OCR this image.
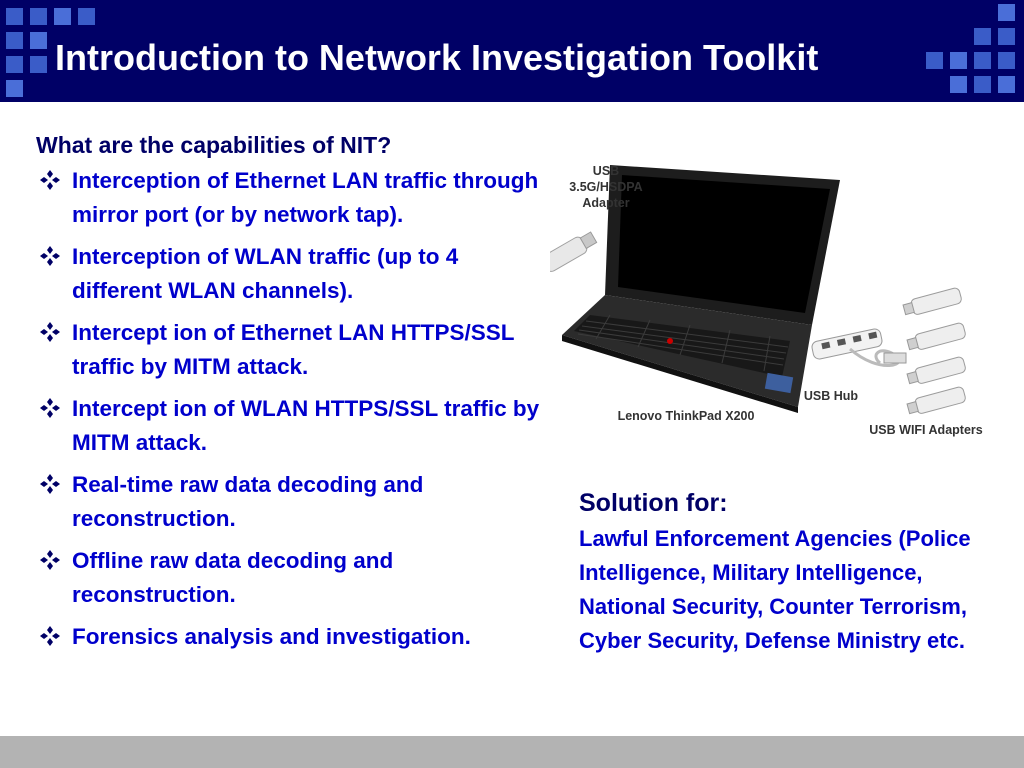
Introduction to Network Investigation Toolkit
What are the capabilities of NIT?
Interception of Ethernet LAN traffic through mirror port (or by network tap).
Interception of WLAN traffic (up to 4 different WLAN channels).
Intercept ion of Ethernet LAN HTTPS/SSL traffic by MITM attack.
Intercept ion of WLAN HTTPS/SSL traffic by MITM attack.
Real-time raw data decoding and reconstruction.
Offline raw data decoding and reconstruction.
Forensics analysis and investigation.
USB 3.5G/HSDPA Adapter
USB Hub
Lenovo ThinkPad X200
USB WIFI Adapters
Solution for:
Lawful Enforcement Agencies (Police Intelligence, Military Intelligence, National Security, Counter Terrorism, Cyber Security, Defense Ministry etc.
